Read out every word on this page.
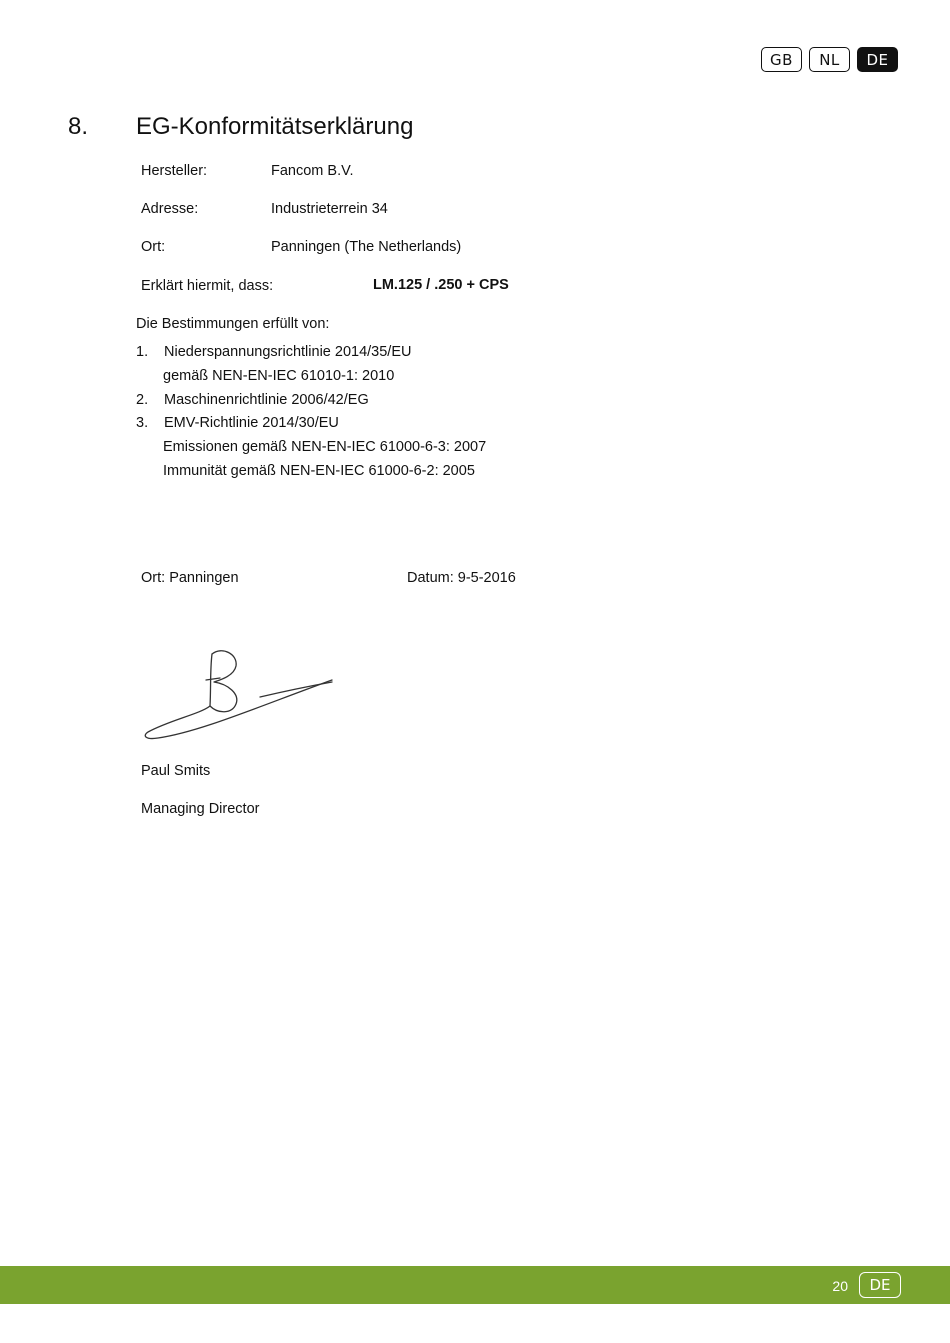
GB	NL	DE
8. EG-Konformitätserklärung
Hersteller:	Fancom B.V.
Adresse:	Industrieterrein 34
Ort:	Panningen (The Netherlands)
Erklärt hiermit, dass:	LM.125 / .250 + CPS
Die Bestimmungen erfüllt von:
1. Niederspannungsrichtlinie 2014/35/EU
gemäß NEN-EN-IEC 61010-1: 2010
2. Maschinenrichtlinie 2006/42/EG
3. EMV-Richtlinie 2014/30/EU
Emissionen gemäß NEN-EN-IEC 61000-6-3: 2007
Immunität gemäß NEN-EN-IEC 61000-6-2: 2005
Ort: Panningen	Datum: 9-5-2016
Paul Smits
Managing Director
20	DE
